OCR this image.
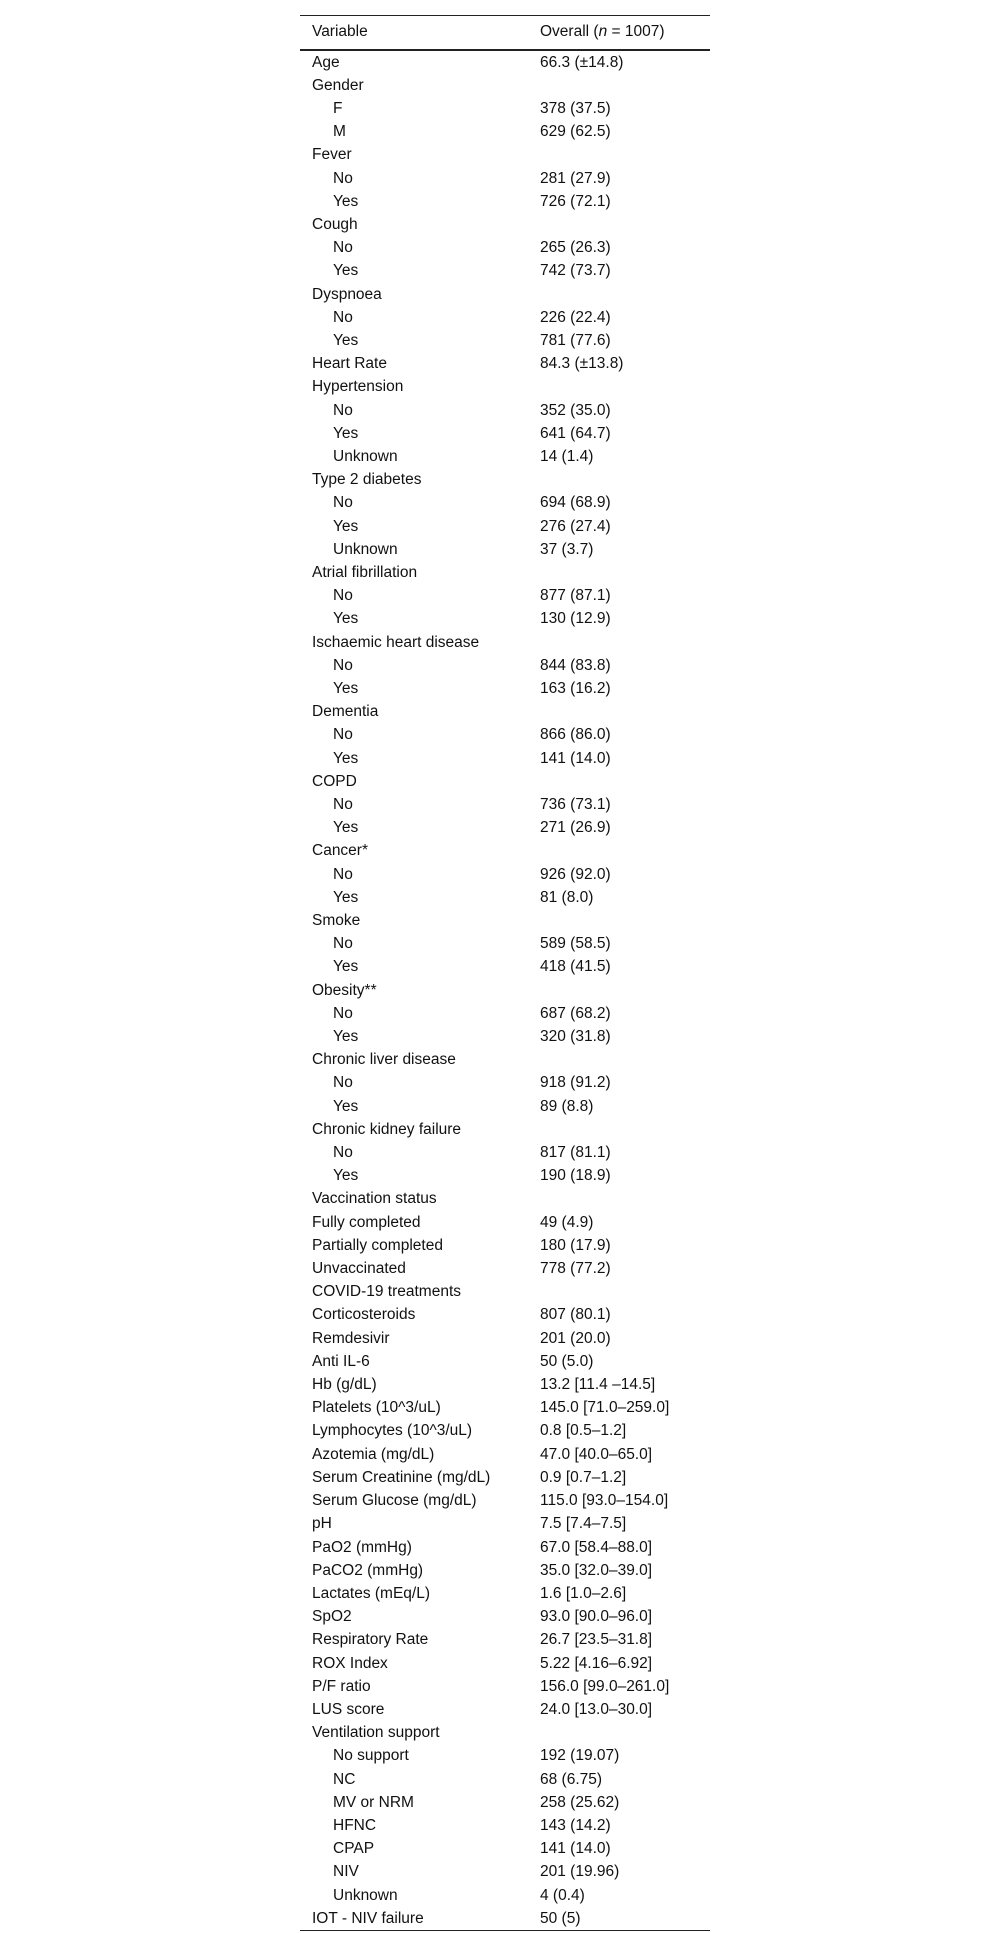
Variable	Overall (n = 1007)
Age	66.3 (±14.8)
Gender	
F	378 (37.5)
M	629 (62.5)
Fever	
No	281 (27.9)
Yes	726 (72.1)
Cough	
No	265 (26.3)
Yes	742 (73.7)
Dyspnoea	
No	226 (22.4)
Yes	781 (77.6)
Heart Rate	84.3 (±13.8)
Hypertension	
No	352 (35.0)
Yes	641 (64.7)
Unknown	14 (1.4)
Type 2 diabetes	
No	694 (68.9)
Yes	276 (27.4)
Unknown	37 (3.7)
Atrial fibrillation	
No	877 (87.1)
Yes	130 (12.9)
Ischaemic heart disease	
No	844 (83.8)
Yes	163 (16.2)
Dementia	
No	866 (86.0)
Yes	141 (14.0)
COPD	
No	736 (73.1)
Yes	271 (26.9)
Cancer*	
No	926 (92.0)
Yes	81 (8.0)
Smoke	
No	589 (58.5)
Yes	418 (41.5)
Obesity**	
No	687 (68.2)
Yes	320 (31.8)
Chronic liver disease	
No	918 (91.2)
Yes	89 (8.8)
Chronic kidney failure	
No	817 (81.1)
Yes	190 (18.9)
Vaccination status	
Fully completed	49 (4.9)
Partially completed	180 (17.9)
Unvaccinated	778 (77.2)
COVID-19 treatments	
Corticosteroids	807 (80.1)
Remdesivir	201 (20.0)
Anti IL-6	50 (5.0)
Hb (g/dL)	13.2 [11.4 –14.5]
Platelets (10^3/uL)	145.0 [71.0–259.0]
Lymphocytes (10^3/uL)	0.8 [0.5–1.2]
Azotemia (mg/dL)	47.0 [40.0–65.0]
Serum Creatinine (mg/dL)	0.9 [0.7–1.2]
Serum Glucose (mg/dL)	115.0 [93.0–154.0]
pH	7.5 [7.4–7.5]
PaO2 (mmHg)	67.0 [58.4–88.0]
PaCO2 (mmHg)	35.0 [32.0–39.0]
Lactates (mEq/L)	1.6 [1.0–2.6]
SpO2	93.0 [90.0–96.0]
Respiratory Rate	26.7 [23.5–31.8]
ROX Index	5.22 [4.16–6.92]
P/F ratio	156.0 [99.0–261.0]
LUS score	24.0 [13.0–30.0]
Ventilation support	
No support	192 (19.07)
NC	68 (6.75)
MV or NRM	258 (25.62)
HFNC	143 (14.2)
CPAP	141 (14.0)
NIV	201 (19.96)
Unknown	4 (0.4)
IOT - NIV failure	50 (5)
